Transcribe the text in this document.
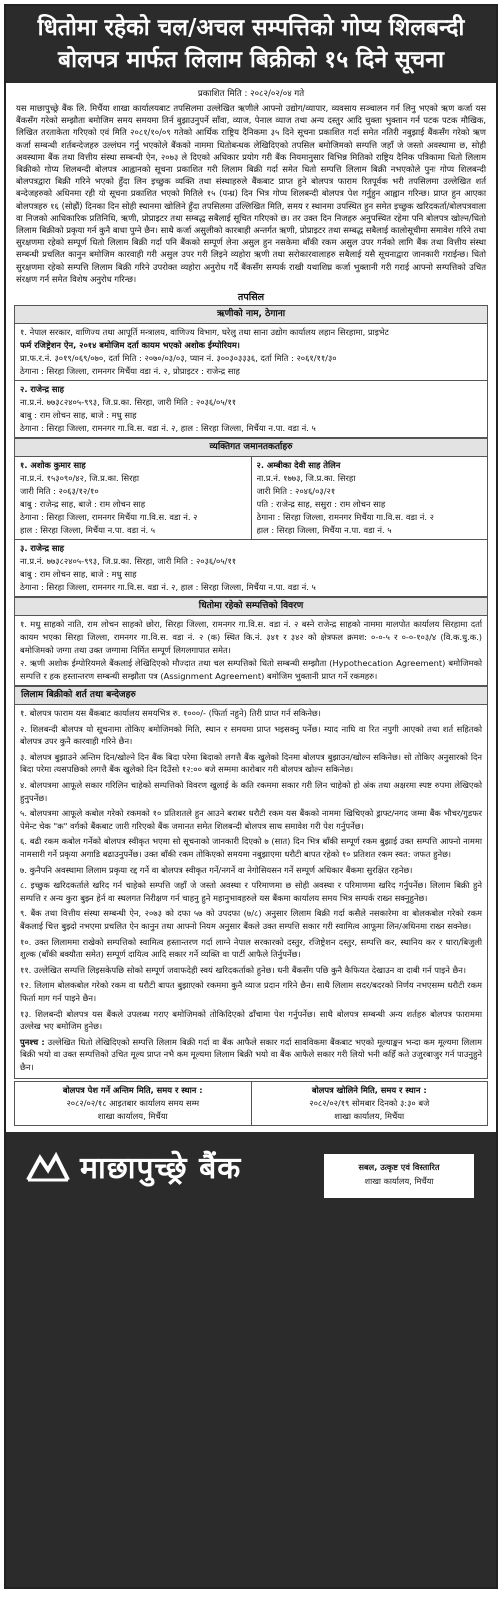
धितोमा रहेको चल/अचल सम्पत्तिको गोप्य शिलबन्दी
बोलपत्र मार्फत लिलाम बिक्रीको १५ दिने सूचना
प्रकाशित मिति : २०८२/०२/०४ गते
यस माछापुच्छ्रे बैंक लि. मिर्चैया शाखा कार्यालयबाट तपसिलमा उल्लेखित ऋणीले आफ्नो उद्योग/व्यापार, व्यवसाय सञ्चालन गर्न लिनु भएको ऋण कर्जा यस बैंकसँग गरेको सम्झौता बमोजिम समय समयमा तिर्न बुझाउनुपर्ने साँवा, व्याज, पेनाल व्याज तथा अन्य दस्तुर आदि चुक्ता भुक्तान गर्न पटक पटक मौखिक, लिखित तरताकेता गरिएको एवं मिति २०८१/१०/०९ गतेको आर्थिक राष्ट्रिय दैनिकमा ३५ दिने सूचना प्रकाशित गर्दा समेत नतिरी नबुझाई बैंकसँग गरेको ऋण कर्जा सम्बन्धी शर्तबन्देजहरु उल्लंघन गर्नु भएकोले बैंकको नाममा धितोबन्धक लेखिदिएको तपसिल बमोजिमको सम्पत्ति जहाँ जे जस्तो अवस्थामा छ, सोही अवस्थामा बैंक तथा वित्तीय संस्था सम्बन्धी ऐन, २०७३ ले दिएको अधिकार प्रयोग गरी बैंक नियमानुसार विभिन्न मितिको राष्ट्रिय दैनिक पत्रिकामा धितो लिलाम बिक्रीको गोप्य शिलबन्दी बोलपत्र आह्वानको सूचना प्रकाशित गरी लिलाम बिक्री गर्दा समेत धितो सम्पत्ति लिलाम बिक्री नभएकोले पुनः गोप्य शिलबन्दी बोलपत्रद्वारा बिक्री गरिने भएको हुँदा लिन इच्छुक व्यक्ति तथा संस्थाहरुले बैंकबाट प्राप्त हुने बोलपत्र फाराम रितपूर्वक भरी तपसिलमा उल्लेखित शर्त बन्देजहरुको अधिनमा रही यो सूचना प्रकाशित भएको मितिले १५ (पन्ध्र) दिन भित्र गोप्य शिलबन्दी बोलपत्र पेश गर्नुहुन आह्वान गरिन्छ। प्राप्त हुन आएका बोलपत्रहरु १६ (सोह्रौं) दिनका दिन सोही स्थानमा खोलिने हुँदा तपसिलमा उल्लिखित मिति, समय र स्थानमा उपस्थित हुन समेत इच्छुक खरिदकर्ता/बोलपत्रवाला वा निजको आधिकारिक प्रतिनिधि, ऋणी, प्रोप्राइटर तथा सम्बद्ध सबैलाई सूचित गरिएको छ। तर उक्त दिन निजहरु अनुपस्थित रहेमा पनि बोलपत्र खोल्न/धितो लिलाम बिक्रीको प्रकृया गर्न कुनै बाधा पुग्ने छैन। साथै कर्जा असुलीको कारबाही अन्तर्गत ऋणी, प्रोप्राइटर तथा सम्बद्ध सबैलाई कालोसूचीमा समावेश गरिने तथा सुरक्षणमा रहेको सम्पूर्ण धितो लिलाम बिक्री गर्दा पनि बैंकको सम्पूर्ण लेना असुल हुन नसकेमा बाँकी रकम असुल उपर गर्नको लागि बैंक तथा वित्तीय संस्था सम्बन्धी प्रचलित कानुन बमोजिम कारवाही गरी असुल उपर गरी लिइने व्यहोरा ऋणी तथा सरोकारवालाहरु सबैलाई यसै सूचनाद्वारा जानकारी गराईन्छ। धितो सुरक्षणमा रहेको सम्पत्ति लिलाम बिक्री गरिने उपरोक्त व्यहोरा अनुरोध गर्दै बैंकसँग सम्पर्क राखी यथाशिघ्र कर्जा भुक्तानी गरी गराई आफ्नो सम्पत्तिको उचित संरक्षण गर्न समेत विशेष अनुरोध गरिन्छ।
तपसिल
ऋणीको नाम, ठेगाना

१. नेपाल सरकार, वाणिज्य तथा आपूर्ति मन्त्रालय, वाणिज्य विभाग, घरेलु तथा साना उद्योग कार्यालय लहान सिरहामा, प्राइभेट
फर्म रजिष्ट्रेशन ऐन, २०१४ बमोजिम दर्ता कायम भएको अशोक ईम्पोरियम।
प्रा.फ.र.नं. ३०१९/०६९/०७०, दर्ता मिति : २०७०/०३/०३, प्यान नं. ३००३०३३३६, दर्ता मिति : २०६१/११/३०
ठेगाना : सिरहा जिल्ला, रामनगर मिर्चैया वडा नं. २, प्रोप्राइटर : राजेन्द्र साह

२. राजेन्द्र साह
ना.प्र.नं. ७७३८२४०५-९९३, जि.प्र.का. सिरहा, जारी मिति : २०३६/०५/११
बाबु : राम लोचन साह, बाजे : मधु साह
ठेगाना : सिरहा जिल्ला, रामनगर गा.वि.स. वडा नं. २, हाल : सिरहा जिल्ला, मिर्चैया न.पा. वडा नं. ५
व्यक्तिगत जमानतकर्ताहरु

१. अशोक कुमार साह
ना.प्र.नं. १५३०९०/४२, जि.प्र.का. सिरहा
जारी मिति : २०६३/१२/१०
बाबु : राजेन्द्र साह, बाजे : राम लोचन साह
ठेगाना : सिरहा जिल्ला, रामनगर मिर्चैया गा.वि.स. वडा नं. २
हाल : सिरहा जिल्ला, मिर्चैया न.पा. वडा नं. ५

२. अम्बीका देवी साह तेलिन
ना.प्र.नं. १७७३, जि.प्र.का. सिरहा
जारी मिति : २०४६/०३/२१
पति : राजेन्द्र साह, ससुरा : राम लोचन साह
ठेगाना : सिरहा जिल्ला, रामनगर मिर्चैया गा.वि.स. वडा नं. २
हाल : सिरहा जिल्ला, मिर्चैया न.पा. वडा नं. ५

३. राजेन्द्र साह
ना.प्र.नं. ७७३८२४०५-९९३, जि.प्र.का. सिरहा, जारी मिति : २०३६/०५/११
बाबु : राम लोचन साह, बाजे : मधु साह
ठेगाना : सिरहा जिल्ला, रामनगर गा.वि.स. वडा नं. २, हाल : सिरहा जिल्ला, मिर्चैया न.पा. वडा नं. ५
धितोमा रहेको सम्पत्तिको विवरण

१. मधु साहको नाति, राम लोचन साहको छोरा, सिरहा जिल्ला, रामनगर गा.वि.स. वडा नं. २ बस्ने राजेन्द्र साहको नाममा मालपोत कार्यालय सिरहामा दर्ता कायम भएका सिरहा जिल्ला, रामनगर गा.वि.स. वडा नं. २ (क) स्थित कि.नं. ३४१ र ३४२ को क्षेत्रफल क्रमश: ०-०-५ र ०-०-१०३/४ (वि.क.धु.क.) बमोजिमको जग्गा तथा उक्त जग्गामा निर्मित सम्पूर्ण लिगलगापात समेत।
२. ऋणी अशोक ईम्पोरियमले बैंकलाई लेखिदिएको मौज्दात तथा चल सम्पत्तिको धितो सम्बन्धी सम्झौता (Hypothecation Agreement) बमोजिमको सम्पत्ति र हक हस्तान्तरण सम्बन्धी सम्झौता पत्र (Assignment Agreement) बमोजिम भुक्तानी प्राप्त गर्ने रकमहरु।
लिलाम बिक्रीको शर्त तथा बन्देजहरु

१. बोलपत्र फाराम यस बैंकबाट कार्यालय समयभित्र रु. १०००/- (फिर्ता नहुने) तिरी प्राप्त गर्न सकिनेछ।

२. शिलबन्दी बोलपत्र यो सूचनामा तोकिए बमोजिमको मिति, स्थान र समयमा प्राप्त भइसक्नु पर्नेछ। म्याद नाघि वा रित नपुगी आएको तथा शर्त सहितको बोलपत्र उपर कुनै कारवाही गरिने छैन।

३. बोलपत्र बुझाउने अन्तिम दिन/खोल्ने दिन बैंक बिदा परेमा बिदाको लगत्तै बैंक खुलेको दिनमा बोलपत्र बुझाउन/खोल्न सकिनेछ। सो तोकिए अनुसारको दिन बिदा परेमा त्यसपछिको लगत्तै बैंक खुलेको दिन दिउँसो १२:०० बजे सम्ममा कारोबार गरी बोलपत्र खोल्न सकिनेछ।

४. बोलपत्रमा आफूले सकार गरिलिन चाहेको सम्पत्तिको विवरण खुलाई के कति रकममा सकार गरी लिन चाहेको हो अंक तथा अक्षरमा स्पष्ट रुपमा लेखिएको हुनुपर्नेछ।

५. बोलपत्रमा आफूले कबोल गरेको रकमको १० प्रतिशतले हुन आउने बराबर धरौटी रकम यस बैंकको नाममा खिचिएको ड्राफ्ट/नगद जम्मा बैंक भौचर/गुडफर पेमेन्ट चेक "क" वर्गको बैंकबाट जारी गरिएको बैंक जमानत समेत शिलबन्दी बोलपत्र साथ समावेश गरी पेश गर्नुपर्नेछ।

६. बढी रकम कबोल गर्नेको बोलपत्र स्वीकृत भएमा सो सूचनाको जानकारी दिएको ७ (सात) दिन भित्र बाँकी सम्पूर्ण रकम बुझाई उक्त सम्पत्ति आफ्नो नाममा नामसारी गर्ने प्रकृया अगाडि बढाउनुपर्नेछ। उक्त बाँकी रकम तोकिएको समयमा नबुझाएमा धरौटी बापत रहेको १० प्रतिशत रकम स्वत: जफत हुनेछ।

७. कुनैपनि अवस्थामा लिलाम प्रकृया रद्द गर्ने वा बोलपत्र स्वीकृत गर्ने/नगर्ने वा नेगोसियसन गर्ने सम्पूर्ण अधिकार बैंकमा सुरक्षित रहनेछ।

८. इच्छुक खरिदकर्ताले खरिद गर्न चाहेको सम्पत्ति जहाँ जे जस्तो अवस्था र परिमाणमा छ सोही अवस्था र परिमाणमा खरिद गर्नुपर्नेछ। लिलाम बिक्री हुने सम्पत्ति र अन्य कुरा बुझ्न हेर्न वा स्थलगत निरीक्षण गर्न चाहनु हुने महानुभावहरुले यस बैंकमा कार्यालय समय भित्र सम्पर्क राख्न सक्नुहुनेछ।

९. बैंक तथा वित्तीय संस्था सम्बन्धी ऐन, २०७३ को दफा ५७ को उपदफा (७/८) अनुसार लिलाम बिक्री गर्दा कसैले नसकारेमा वा बोलकबोल गरेको रकम बैंकलाई चित्त बुझ्दो नभएमा प्रचलित ऐन कानुन तथा आफ्नो नियम अनुसार बैंकले उक्त सम्पत्ति सकार गरी स्वामित्व आफूमा लिन/अधिनमा राख्न सक्नेछ।

१०. उक्त लिलाममा राखेको सम्पत्तिको स्वामित्व हस्तान्तरण गर्दा लाग्ने नेपाल सरकारको दस्तुर, रजिष्ट्रेशन दस्तुर, सम्पत्ति कर, स्थानिय कर र धारा/बिजुली शुल्क (बाँकी बक्यौता समेत) सम्पूर्ण दायित्व आदि सकार गर्ने व्यक्ति वा पार्टी आफैले तिर्नुपर्नेछ।

११. उल्लेखित सम्पत्ति लिइसकेपछि सोको सम्पूर्ण जवाफदेही स्वयं खरिदकर्ताको हुनेछ। धनी बैंकसँग पछि कुनै कैफियत देखाउन वा दाबी गर्न पाइने छैन।

१२. लिलाम बोलकबोल गरेको रकम वा धरौटी बापत बुझाएको रकममा कुनै व्याज प्रदान गरिने छैन। साथै लिलाम सदर/बदरको निर्णय नभएसम्म धरौटी रकम फिर्ता माग गर्न पाइने छैन।

१३. शिलबन्दी बोलपत्र यस बैंकले उपलब्ध गराए बमोजिमको तोकिदिएको ढाँचामा पेश गर्नुपर्नेछ। साथै बोलपत्र सम्बन्धी अन्य शर्तहरु बोलपत्र फाराममा उल्लेख भए बमोजिम हुनेछ।

पुनश्च : उल्लेखित धितो लेखिदिएको सम्पत्ति लिलाम बिक्री गर्दा वा बैंक आफैले सकार गर्दा सावविकमा बैंकबाट भएको मूल्याङ्कन भन्दा कम मूल्यमा लिलाम बिक्री भयो वा उक्त सम्पत्तिको उचित मूल्य प्राप्त नभै कम मूल्यमा लिलाम बिक्री भयो वा बैंक आफैले सकार गरी लियो भनी कहिँ कते उजुरबाजुर गर्न पाउनुहुने छैन।

बोलपत्र पेश गर्ने अन्तिम मिति, समय र स्थान :
२०८२/०२/१८ आइतबार कार्यालय समय सम्म
शाखा कार्यालय, मिर्चैया

बोलपत्र खोलिने मिति, समय र स्थान :
२०८२/०२/१९ सोमबार दिनको ३:३० बजे
शाखा कार्यालय, मिर्चैया
माछापुच्छ्रे बैंक	सबल, उत्कृष्ट एवं विस्तारित
शाखा कार्यालय, मिर्चैया
